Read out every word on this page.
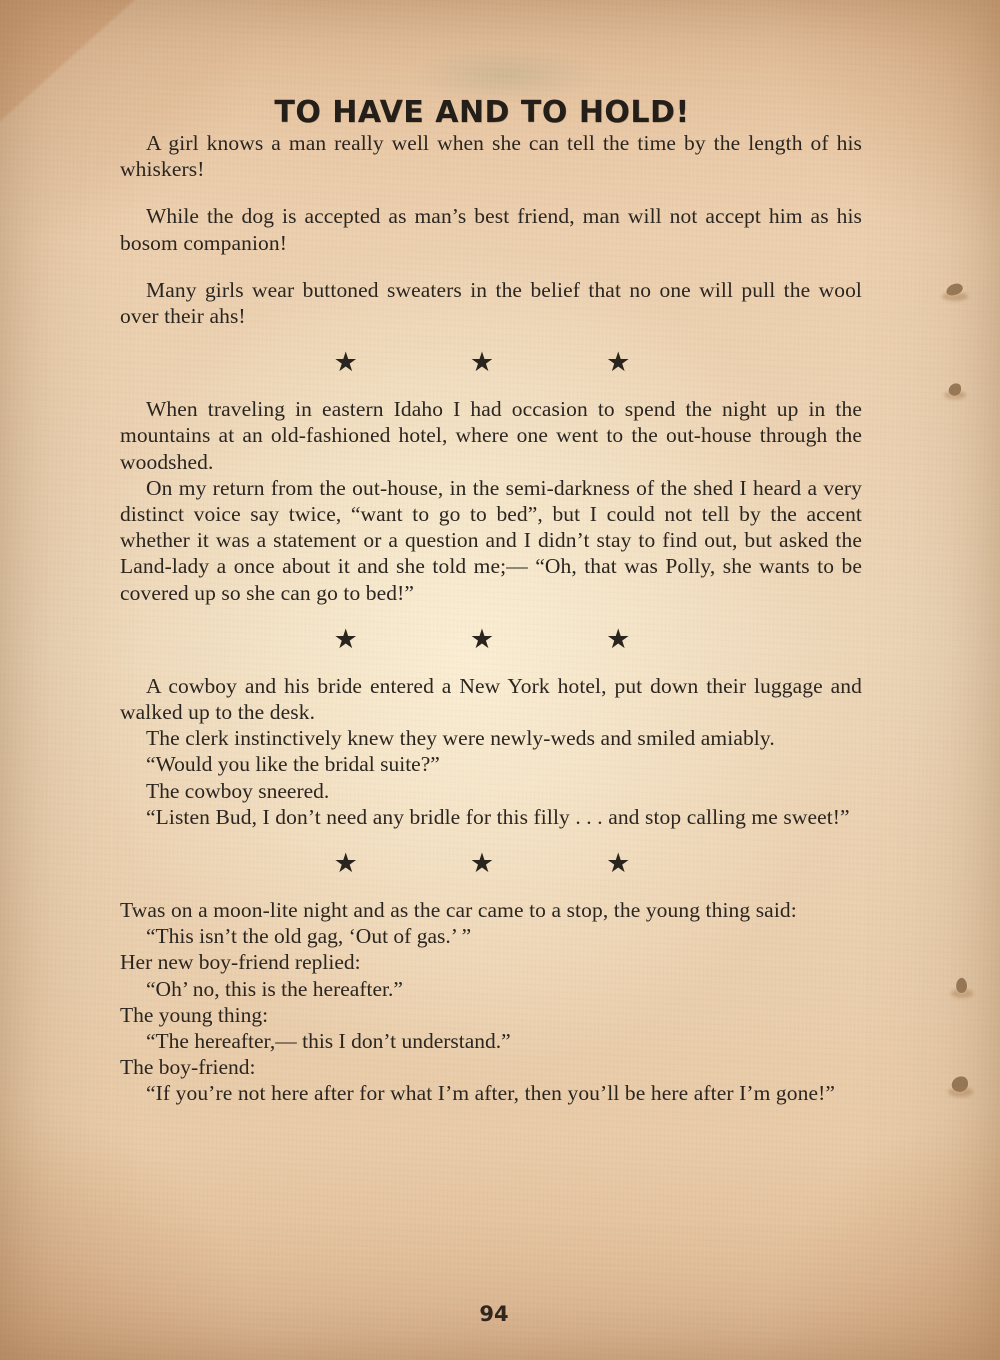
TO HAVE AND TO HOLD!

A girl knows a man really well when she can tell the time by the length of his whiskers!

While the dog is accepted as man’s best friend, man will not accept him as his bosom companion!

Many girls wear buttoned sweaters in the belief that no one will pull the wool over their ahs!

★	★	★

When traveling in eastern Idaho I had occasion to spend the night up in the mountains at an old-fashioned hotel, where one went to the out-house through the woodshed.

On my return from the out-house, in the semi-darkness of the shed I heard a very distinct voice say twice, “want to go to bed”, but I could not tell by the accent whether it was a statement or a question and I didn’t stay to find out, but asked the Land-lady a once about it and she told me;— “Oh, that was Polly, she wants to be covered up so she can go to bed!”

★	★	★

A cowboy and his bride entered a New York hotel, put down their luggage and walked up to the desk.

The clerk instinctively knew they were newly-weds and smiled amiably.

“Would you like the bridal suite?”
The cowboy sneered.

“Listen Bud, I don’t need any bridle for this filly . . . and stop calling me sweet!”

★	★	★

Twas on a moon-lite night and as the car came to a stop, the young thing said:

“This isn’t the old gag, ‘Out of gas.’ ”
Her new boy-friend replied:
“Oh’ no, this is the hereafter.”
The young thing:
“The hereafter,— this I don’t understand.”
The boy-friend:

“If you’re not here after for what I’m after, then you’ll be here after I’m gone!”

94
